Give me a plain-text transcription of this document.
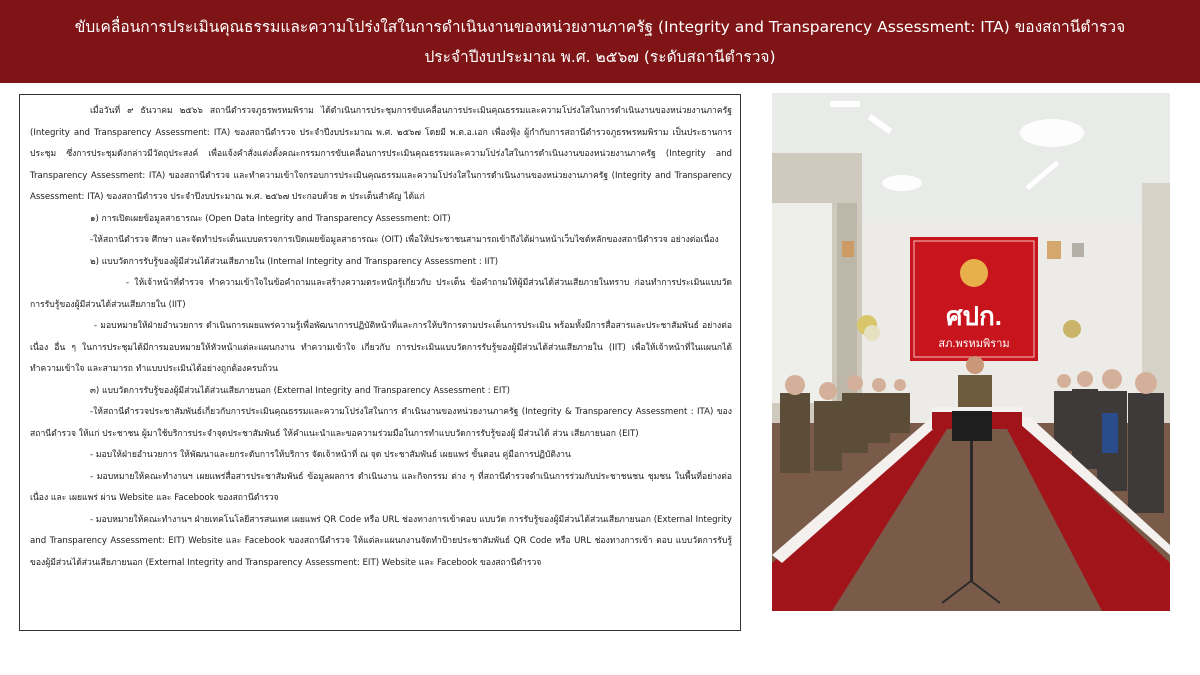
ขับเคลื่อนการประเมินคุณธรรมและความโปร่งใสในการดำเนินงานของหน่วยงานภาครัฐ (Integrity and Transparency Assessment: ITA) ของสถานีตำรวจ
ประจำปีงบประมาณ พ.ศ. ๒๕๖๗ (ระดับสถานีตำรวจ)

เมื่อวันที่ ๙ ธันวาคม ๒๕๖๖ สถานีตำรวจภูธรพรหมพิราม ได้ดำเนินการประชุมการขับเคลื่อนการประเมินคุณธรรมและความโปร่งใสในการดำเนินงานของหน่วยงานภาครัฐ (Integrity and Transparency Assessment: ITA) ของสถานีตำรวจ ประจำปีงบประมาณ พ.ศ. ๒๕๖๗ โดยมี พ.ต.อ.เอก เพื่องฟุ้ง ผู้กำกับการสถานีตำรวจภูธรพรหมพิราม เป็นประธานการประชุม ซึ่งการประชุมดังกล่าวมีวัตถุประสงค์ เพื่อแจ้งคำสั่งแต่งตั้งคณะกรรมการขับเคลื่อนการประเมินคุณธรรมและความโปร่งใสในการดำเนินงานของหน่วยงานภาครัฐ (Integrity and Transparency Assessment: ITA) ของสถานีตำรวจ และทำความเข้าใจกรอบการประเมินคุณธรรมและความโปร่งใสในการดำเนินงานของหน่วยงานภาครัฐ (Integrity and Transparency Assessment: ITA) ของสถานีตำรวจ ประจำปีงบประมาณ พ.ศ. ๒๕๖๗ ประกอบด้วย ๓ ประเด็นสำคัญ ได้แก่

๑) การเปิดเผยข้อมูลสาธารณะ (Open Data Integrity and Transparency Assessment: OIT)

-ให้สถานีตำรวจ ศึกษา และจัดทำประเด็นแบบตรวจการเปิดเผยข้อมูลสาธารณะ (OIT) เพื่อให้ประชาชนสามารถเข้าถึงได้ผ่านหน้าเว็บไซต์หลักของสถานีตำรวจ อย่างต่อเนื่อง

๒) แบบวัดการรับรู้ของผู้มีส่วนได้ส่วนเสียภายใน (Internal Integrity and Transparency Assessment : IIT)

- ให้เจ้าหน้าที่ตำรวจ ทำความเข้าใจในข้อคำถามและสร้างความตระหนักรู้เกี่ยวกับ ประเด็น ข้อคำถามให้ผู้มีส่วนได้ส่วนเสียภายในทราบ ก่อนทำการประเมินแบบวัดการรับรู้ของผู้มีส่วนได้ส่วนเสียภายใน (IIT)

- มอบหมายให้ฝ่ายอำนวยการ ดำเนินการเผยแพร่ความรู้เพื่อพัฒนาการปฏิบัติหน้าที่และการให้บริการตามประเด็นการประเมิน พร้อมทั้งมีการสื่อสารและประชาสัมพันธ์ อย่างต่อเนื่อง อื่น ๆ ในการประชุมได้มีการมอบหมายให้หัวหน้าแต่ละแผนกงาน ทำความเข้าใจ เกี่ยวกับ การประเมินแบบวัดการรับรู้ของผู้มีส่วนได้ส่วนเสียภายใน (IIT) เพื่อให้เจ้าหน้าที่ในแผนกได้ทำความเข้าใจ และสามารถ ทำแบบประเมินได้อย่างถูกต้องครบถ้วน

๓) แบบวัดการรับรู้ของผู้มีส่วนได้ส่วนเสียภายนอก (External Integrity and Transparency Assessment : EIT)

-ให้สถานีตำรวจประชาสัมพันธ์เกี่ยวกับการประเมินคุณธรรมและความโปร่งใสในการ ดำเนินงานของหน่วยงานภาครัฐ (Integrity & Transparency Assessment : ITA) ของสถานีตำรวจ ให้แก่ ประชาชน ผู้มาใช้บริการประจำจุดประชาสัมพันธ์ ให้คำแนะนำและขอความร่วมมือในการทำแบบวัดการรับรู้ของผู้ มีส่วนได้ ส่วน เสียภายนอก (EIT)

- มอบให้ฝ่ายอำนวยการ ให้พัฒนาและยกระดับการให้บริการ จัดเจ้าหน้าที่ ณ จุด ประชาสัมพันธ์ เผยแพร่ ขั้นตอน คู่มือการปฏิบัติงาน

- มอบหมายให้คณะทำงานฯ เผยแพร่สื่อสารประชาสัมพันธ์ ข้อมูลผลการ ดำเนินงาน และกิจกรรม ต่าง ๆ ที่สถานีตำรวจดำเนินการร่วมกับประชาชนชน ชุมชน ในพื้นที่อย่างต่อเนื่อง และ เผยแพร่ ผ่าน Website และ Facebook ของสถานีตำรวจ

- มอบหมายให้คณะทำงานฯ ฝ่ายเทคโนโลยีสารสนเทศ เผยแพร่ QR Code หรือ URL ช่องทางการเข้าตอบ แบบวัด การรับรู้ของผู้มีส่วนได้ส่วนเสียภายนอก (External Integrity and Transparency Assessment: EIT) Website และ Facebook ของสถานีตำรวจ ให้แต่ละแผนกงานจัดทำป้ายประชาสัมพันธ์ QR Code หรือ URL ช่องทางการเข้า ตอบ แบบวัดการรับรู้ของผู้มีส่วนได้ส่วนเสียภายนอก (External Integrity and Transparency Assessment: EIT) Website และ Facebook ของสถานีตำรวจ

ศปก.
สภ.พรหมพิราม
